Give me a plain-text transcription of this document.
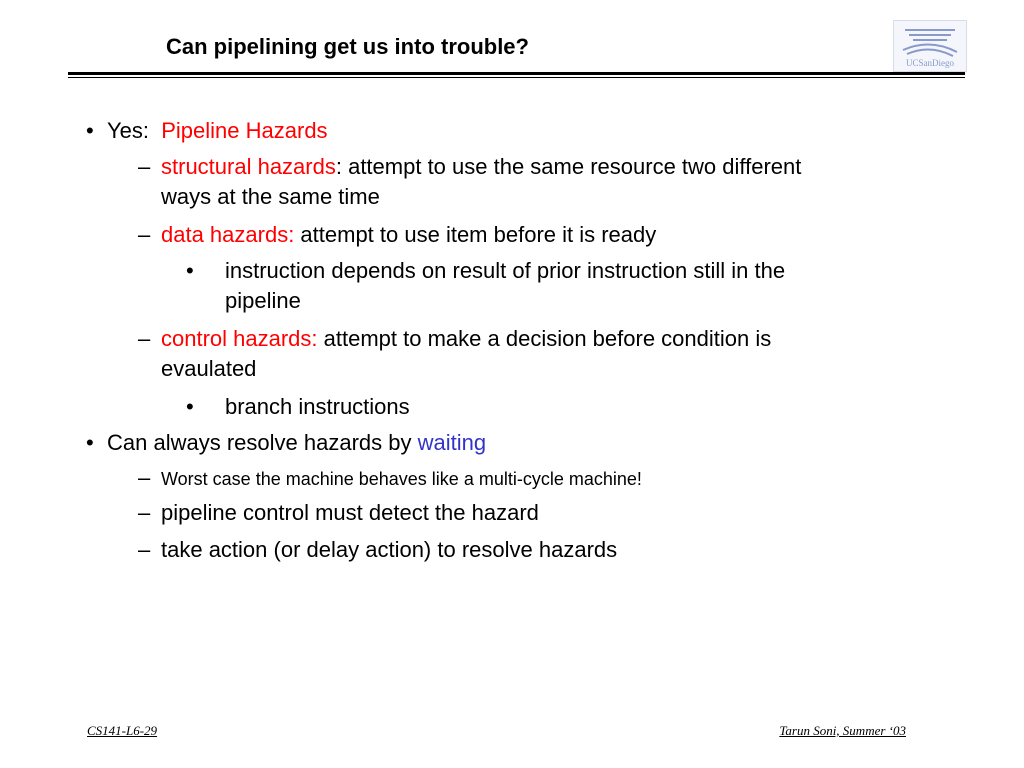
Can pipelining get us into trouble?
UCSanDiego
• Yes: Pipeline Hazards
– structural hazards: attempt to use the same resource two different
ways at the same time
– data hazards: attempt to use item before it is ready
• instruction depends on result of prior instruction still in the
pipeline
– control hazards: attempt to make a decision before condition is
evaulated
• branch instructions
• Can always resolve hazards by waiting
– Worst case the machine behaves like a multi-cycle machine!
– pipeline control must detect the hazard
– take action (or delay action) to resolve hazards
CS141-L6-29	Tarun Soni, Summer ‘03
